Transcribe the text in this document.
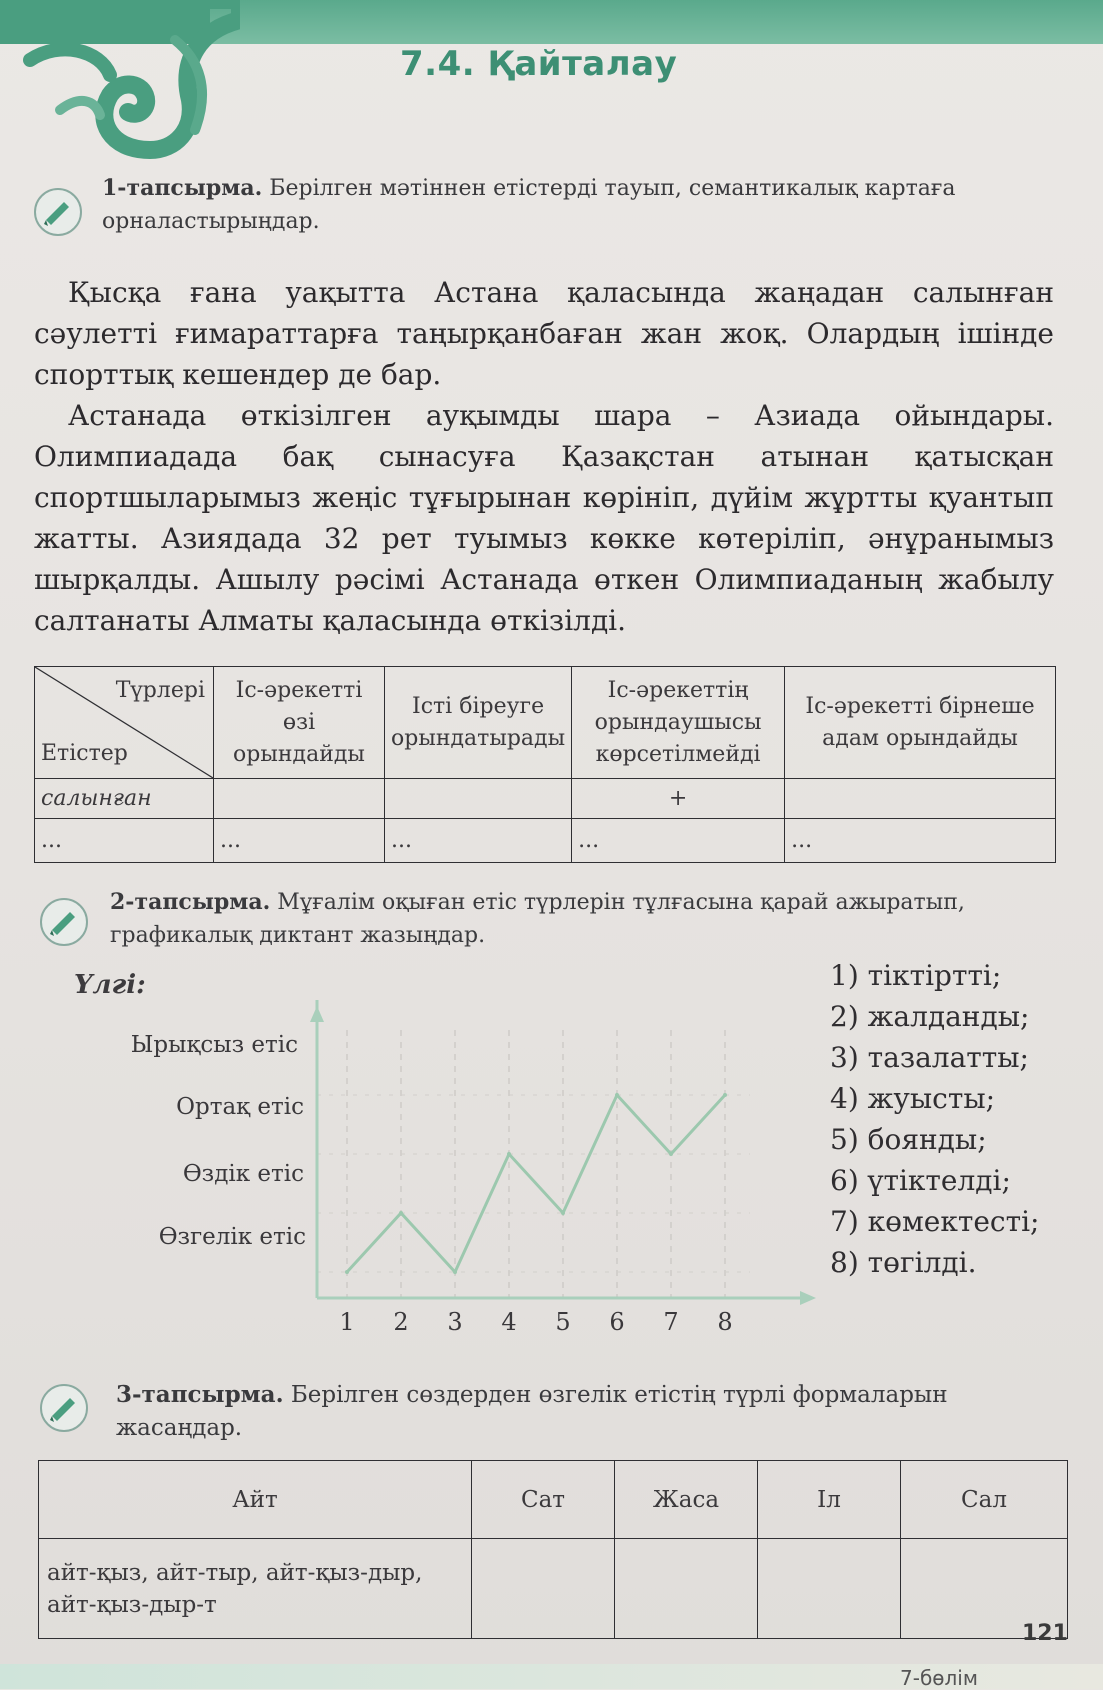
7.4. Қайталау
1-тапсырма. Берілген мәтіннен етістерді тауып, семантикалық картаға орналастырыңдар.

Қысқа ғана уақытта Астана қаласында жаңадан салынған сәулетті ғимараттарға таңырқанбаған жан жоқ. Олардың ішінде спорттық кешендер де бар.

Астанада өткізілген ауқымды шара – Азиада ойындары. Олимпиадада бақ сынасуға Қазақстан атынан қатысқан спортшыларымыз жеңіс тұғырынан көрініп, дүйім жұртты қуантып жатты. Азиядада 32 рет туымыз көкке көтеріліп, әнұранымыз шырқалды. Ашылу рәсімі Астанада өткен Олимпиаданың жабылу салтанаты Алматы қаласында өткізілді.

Түрлері
Етістер	Іс-әрекетті өзі орындайды	Істі біреуге орындатырады	Іс-әрекеттің орындаушысы көрсетілмейді	Іс-әрекетті бірнеше адам орындайды
салынған			+	
...	...	...	...	...
2-тапсырма. Мұғалім оқыған етіс түрлерін тұлғасына қарай ажыратып, графикалық диктант жазыңдар.
Үлгі:
Ырықсыз етіс
Ортақ етіс
Өздік етіс
Өзгелік етіс
1 2 3 4 5 6 7 8
1) тіктіртті;
2) жалданды;
3) тазалатты;
4) жуысты;
5) боянды;
6) үтіктелді;
7) көмектесті;
8) төгілді.
3-тапсырма. Берілген сөздерден өзгелік етістің түрлі формаларын жасаңдар.
Айт	Сат	Жаса	Іл	Сал
айт-қыз, айт-тыр, айт-қыз-дыр, айт-қыз-дыр-т				
121
7-бөлім
